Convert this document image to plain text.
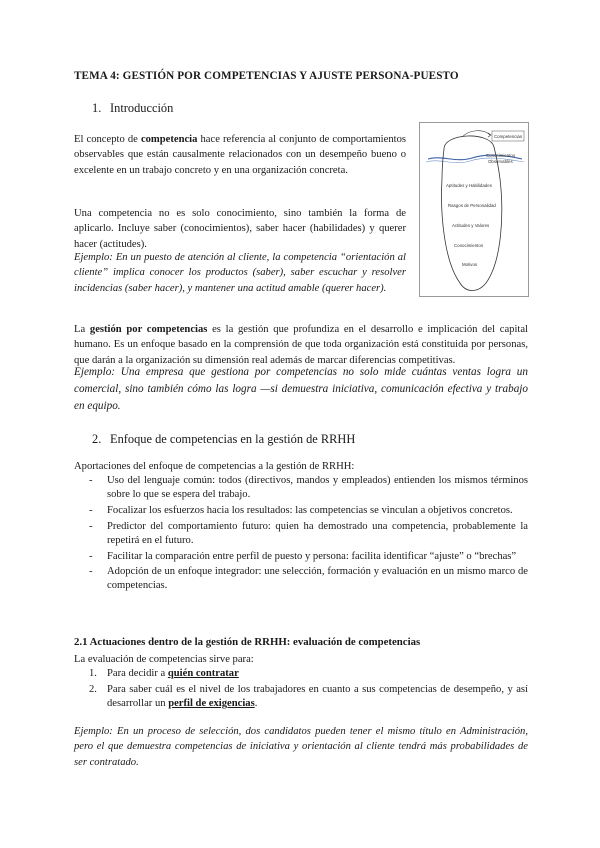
TEMA 4: GESTIÓN POR COMPETENCIAS Y AJUSTE PERSONA-PUESTO
1. Introducción
El concepto de competencia hace referencia al conjunto de comportamientos observables que están causalmente relacionados con un desempeño bueno o excelente en un trabajo concreto y en una organización concreta.
Una competencia no es solo conocimiento, sino también la forma de aplicarlo. Incluye saber (conocimientos), saber hacer (habilidades) y querer hacer (actitudes).
Ejemplo: En un puesto de atención al cliente, la competencia “orientación al cliente” implica conocer los productos (saber), saber escuchar y resolver incidencias (saber hacer), y mantener una actitud amable (querer hacer).
Competencias
Conocimientos
Observables
Aptitudes y Habilidades
Rasgos de Personalidad
Actitudes y Valores
Conocimientos
Motivos
La gestión por competencias es la gestión que profundiza en el desarrollo e implicación del capital humano. Es un enfoque basado en la comprensión de que toda organización está constituida por personas, que darán a la organización su dimensión real además de marcar diferencias competitivas.
Ejemplo: Una empresa que gestiona por competencias no solo mide cuántas ventas logra un comercial, sino también cómo las logra —si demuestra iniciativa, comunicación efectiva y trabajo en equipo.
2. Enfoque de competencias en la gestión de RRHH
Aportaciones del enfoque de competencias a la gestión de RRHH:
- Uso del lenguaje común: todos (directivos, mandos y empleados) entienden los mismos términos sobre lo que se espera del trabajo.
- Focalizar los esfuerzos hacia los resultados: las competencias se vinculan a objetivos concretos.
- Predictor del comportamiento futuro: quien ha demostrado una competencia, probablemente la repetirá en el futuro.
- Facilitar la comparación entre perfil de puesto y persona: facilita identificar “ajuste” o “brechas”
- Adopción de un enfoque integrador: une selección, formación y evaluación en un mismo marco de competencias.
2.1 Actuaciones dentro de la gestión de RRHH: evaluación de competencias
La evaluación de competencias sirve para:
1. Para decidir a quién contratar
2. Para saber cuál es el nivel de los trabajadores en cuanto a sus competencias de desempeño, y así desarrollar un perfil de exigencias.
Ejemplo: En un proceso de selección, dos candidatos pueden tener el mismo título en Administración, pero el que demuestra competencias de iniciativa y orientación al cliente tendrá más probabilidades de ser contratado.
